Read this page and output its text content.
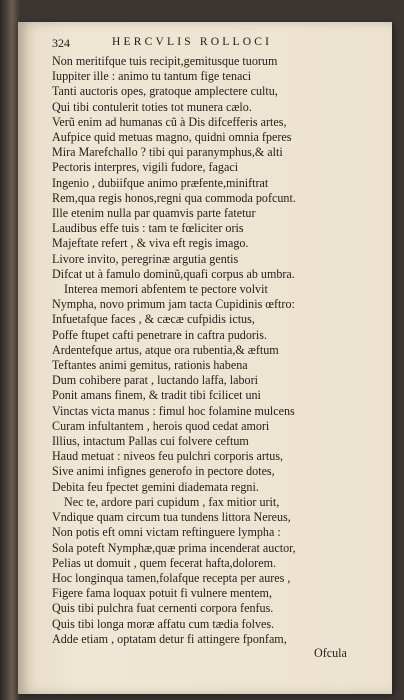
324	HERCVLIS ROLLOCI
Non meritifque tuis recipit,gemitusque tuorum
Iuppiter ille : animo tu tantum fige tenaci
Tanti auctoris opes, gratoque amplectere cultu,
Qui tibi contulerit toties tot munera cælo.
Verũ enim ad humanas cũ à Dis difcefferis artes,
Aufpice quid metuas magno, quidni omnia fperes
Mira Marefchallo ? tibi qui paranymphus,& alti
Pectoris interpres, vigili fudore, fagaci
Ingenio , dubiifque animo præfente,miniftrat
Rem,qua regis honos,regni qua commoda pofcunt.
Ille etenim nulla par quamvis parte fatetur
Laudibus effe tuis : tam te fœliciter oris
Majeftate refert , & viva eft regis imago.
Livore invito, peregrinæ argutia gentis
Difcat ut à famulo dominũ,quafi corpus ab umbra.
Interea memori abfentem te pectore volvit
Nympha, novo primum jam tacta Cupidinis œftro:
Infuetafque faces , & cæcæ cufpidis ictus,
Poffe ftupet cafti penetrare in caftra pudoris.
Ardentefque artus, atque ora rubentia,& æftum
Teftantes animi gemitus, rationis habena
Dum cohibere parat , luctando laffa, labori
Ponit amans finem, & tradit tibi fcilicet uni
Vinctas victa manus : fimul hoc folamine mulcens
Curam infultantem , herois quod cedat amori
Illius, intactum Pallas cui folvere ceftum
Haud metuat : niveos feu pulchri corporis artus,
Sive animi infignes generofo in pectore dotes,
Debita feu fpectet gemini diademata regni.
Nec te, ardore pari cupidum , fax mitior urit,
Vndique quam circum tua tundens littora Nereus,
Non potis eft omni victam reftinguere lympha :
Sola poteft Nymphæ,quæ prima incenderat auctor,
Pelias ut domuit , quem fecerat hafta,dolorem.
Hoc longinqua tamen,folafque recepta per aures ,
Figere fama loquax potuit fi vulnere mentem,
Quis tibi pulchra fuat cernenti corpora fenfus.
Quis tibi longa moræ affatu cum tædia folves.
Adde etiam , optatam detur fi attingere fponfam,
Ofcula
